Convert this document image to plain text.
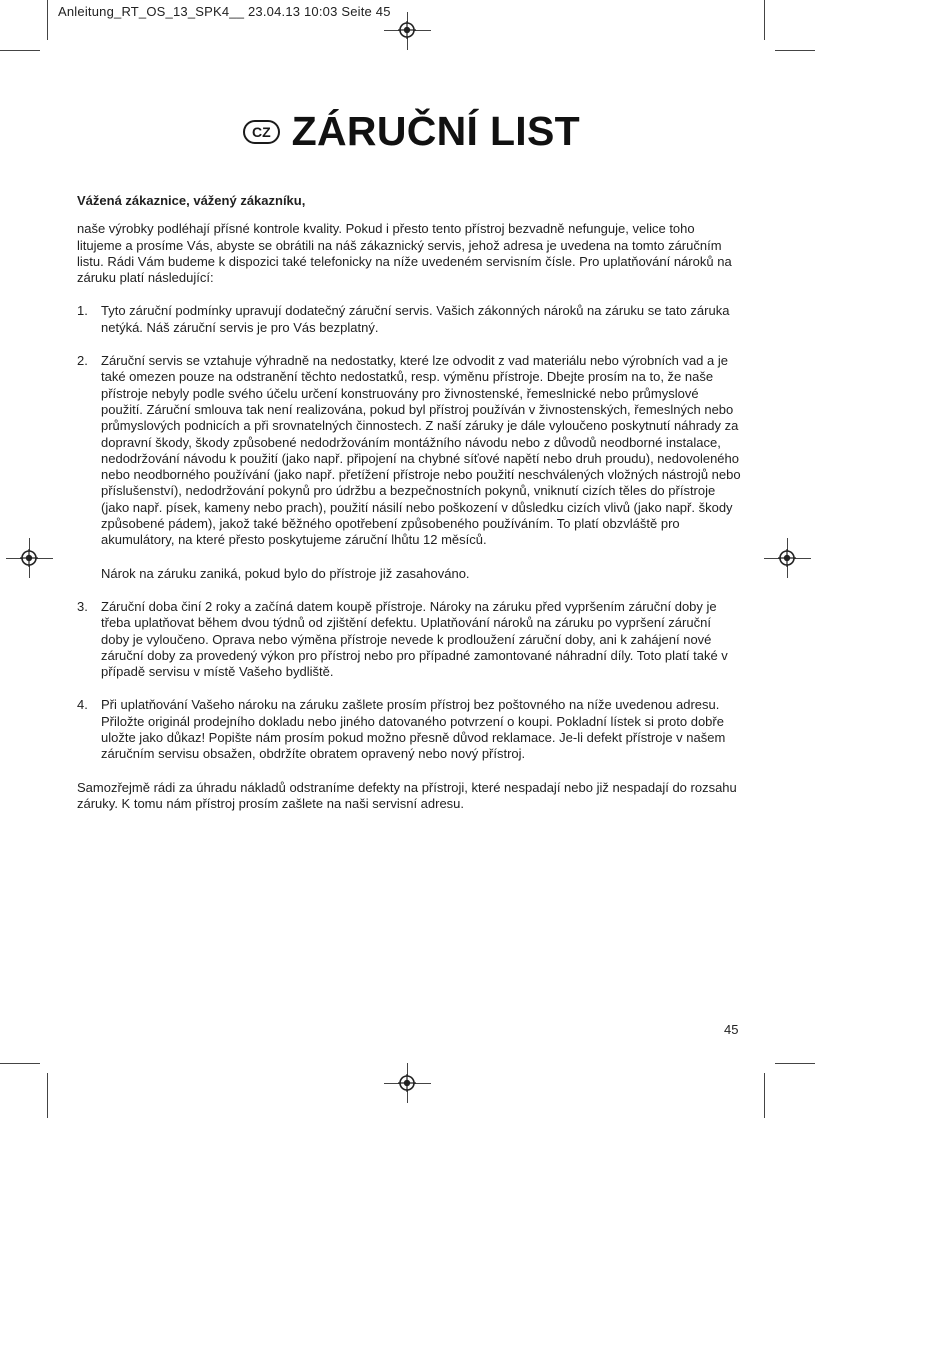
Anleitung_RT_OS_13_SPK4__ 23.04.13 10:03 Seite 45
CZ ZÁRUČNÍ LIST

Vážená zákaznice, vážený zákazníku,

naše výrobky podléhají přísné kontrole kvality. Pokud i přesto tento přístroj bezvadně nefunguje, velice toho litujeme a prosíme Vás, abyste se obrátili na náš zákaznický servis, jehož adresa je uvedena na tomto záručním listu. Rádi Vám budeme k dispozici také telefonicky na níže uvedeném servisním čísle. Pro uplatňování nároků na záruku platí následující:

1. Tyto záruční podmínky upravují dodatečný záruční servis. Vašich zákonných nároků na záruku se tato záruka netýká. Náš záruční servis je pro Vás bezplatný.
2. Záruční servis se vztahuje výhradně na nedostatky, které lze odvodit z vad materiálu nebo výrobních vad a je také omezen pouze na odstranění těchto nedostatků, resp. výměnu přístroje. Dbejte prosím na to, že naše přístroje nebyly podle svého účelu určení konstruovány pro živnostenské, řemeslnické nebo průmyslové použití. Záruční smlouva tak není realizována, pokud byl přístroj používán v živnostenských, řemeslných nebo průmyslových podnicích a při srovnatelných činnostech. Z naší záruky je dále vyloučeno poskytnutí náhrady za dopravní škody, škody způsobené nedodržováním montážního návodu nebo z důvodů neodborné instalace, nedodržování návodu k použití (jako např. připojení na chybné síťové napětí nebo druh proudu), nedovoleného nebo neodborného používání (jako např. přetížení přístroje nebo použití neschválených vložných nástrojů nebo příslušenství), nedodržování pokynů pro údržbu a bezpečnostních pokynů, vniknutí cizích těles do přístroje (jako např. písek, kameny nebo prach), použití násilí nebo poškození v důsledku cizích vlivů (jako např. škody způsobené pádem), jakož také běžného opotřebení způsobeného používáním. To platí obzvláště pro akumulátory, na které přesto poskytujeme záruční lhůtu 12 měsíců.
Nárok na záruku zaniká, pokud bylo do přístroje již zasahováno.
3. Záruční doba činí 2 roky a začíná datem koupě přístroje. Nároky na záruku před vypršením záruční doby je třeba uplatňovat během dvou týdnů od zjištění defektu. Uplatňování nároků na záruku po vypršení záruční doby je vyloučeno. Oprava nebo výměna přístroje nevede k prodloužení záruční doby, ani k zahájení nové záruční doby za provedený výkon pro přístroj nebo pro případné zamontované náhradní díly. Toto platí také v případě servisu v místě Vašeho bydliště.
4. Při uplatňování Vašeho nároku na záruku zašlete prosím přístroj bez poštovného na níže uvedenou adresu. Přiložte originál prodejního dokladu nebo jiného datovaného potvrzení o koupi. Pokladní lístek si proto dobře uložte jako důkaz! Popište nám prosím pokud možno přesně důvod reklamace. Je-li defekt přístroje v našem záručním servisu obsažen, obdržíte obratem opravený nebo nový přístroj.

Samozřejmě rádi za úhradu nákladů odstraníme defekty na přístroji, které nespadají nebo již nespadají do rozsahu záruky. K tomu nám přístroj prosím zašlete na naši servisní adresu.

45
